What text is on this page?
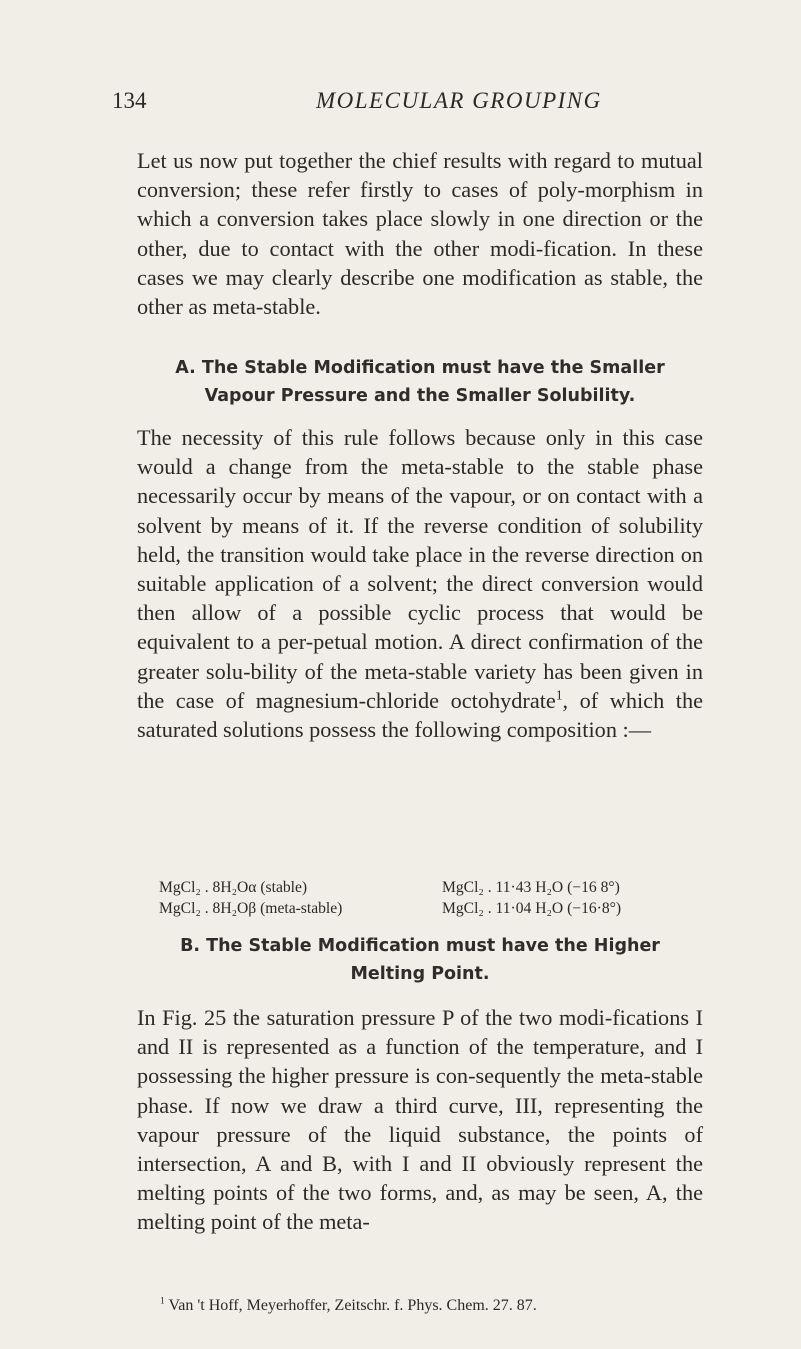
134	MOLECULAR GROUPING

Let us now put together the chief results with regard to mutual conversion; these refer firstly to cases of poly-morphism in which a conversion takes place slowly in one direction or the other, due to contact with the other modi-fication. In these cases we may clearly describe one modification as stable, the other as meta-stable.

A. The Stable Modification must have the Smaller Vapour Pressure and the Smaller Solubility.

The necessity of this rule follows because only in this case would a change from the meta-stable to the stable phase necessarily occur by means of the vapour, or on contact with a solvent by means of it. If the reverse condition of solubility held, the transition would take place in the reverse direction on suitable application of a solvent; the direct conversion would then allow of a possible cyclic process that would be equivalent to a per-petual motion. A direct confirmation of the greater solu-bility of the meta-stable variety has been given in the case of magnesium-chloride octohydrate$^1$, of which the saturated solutions possess the following composition :—

MgCl₂ . 8H₂Oα (stable)
MgCl₂ . 8H₂Oβ (meta-stable)
MgCl₂ . 11·43 H₂O (−16 8°)
MgCl₂ . 11·04 H₂O (−16·8°)
B. The Stable Modification must have the Higher Melting Point.

In Fig. 25 the saturation pressure P of the two modi-fications I and II is represented as a function of the temperature, and I possessing the higher pressure is con-sequently the meta-stable phase. If now we draw a third curve, III, representing the vapour pressure of the liquid substance, the points of intersection, A and B, with I and II obviously represent the melting points of the two forms, and, as may be seen, A, the melting point of the meta-

$^1$ Van 't Hoff, Meyerhoffer, Zeitschr. f. Phys. Chem. 27. 87.
